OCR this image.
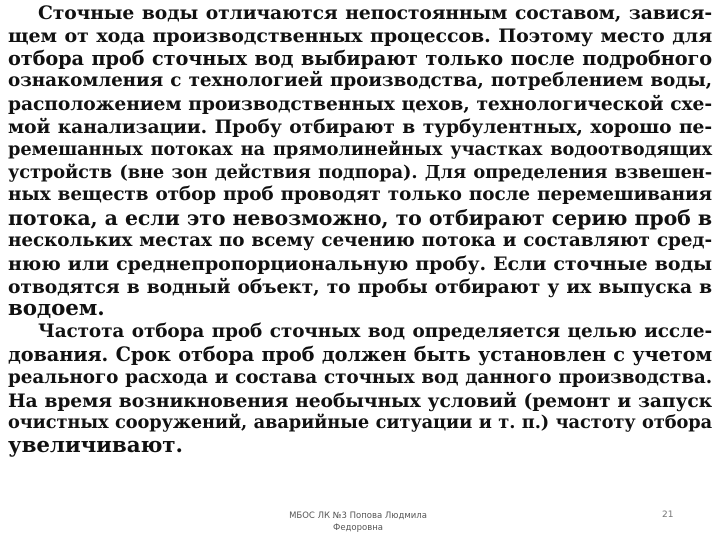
Сточные воды отличаются непостоянным составом, завися-
щем от хода производственных процессов. Поэтому место для
отбора проб сточных вод выбирают только после подробного
ознакомления с технологией производства, потреблением воды,
расположением производственных цехов, технологической схе-
мой канализации. Пробу отбирают в турбулентных, хорошо пе-
ремешанных потоках на прямолинейных участках водоотводящих
устройств (вне зон действия подпора). Для определения взвешен-
ных веществ отбор проб проводят только после перемешивания
потока, а если это невозможно, то отбирают серию проб в
нескольких местах по всему сечению потока и составляют сред-
нюю или среднепропорциональную пробу. Если сточные воды
отводятся в водный объект, то пробы отбирают у их выпуска в
водоем.
Частота отбора проб сточных вод определяется целью иссле-
дования. Срок отбора проб должен быть установлен с учетом
реального расхода и состава сточных вод данного производства.
На время возникновения необычных условий (ремонт и запуск
очистных сооружений, аварийные ситуации и т. п.) частоту отбора
увеличивают.
МБОС ЛК №3 Попова Людмила
Федоровна
21
